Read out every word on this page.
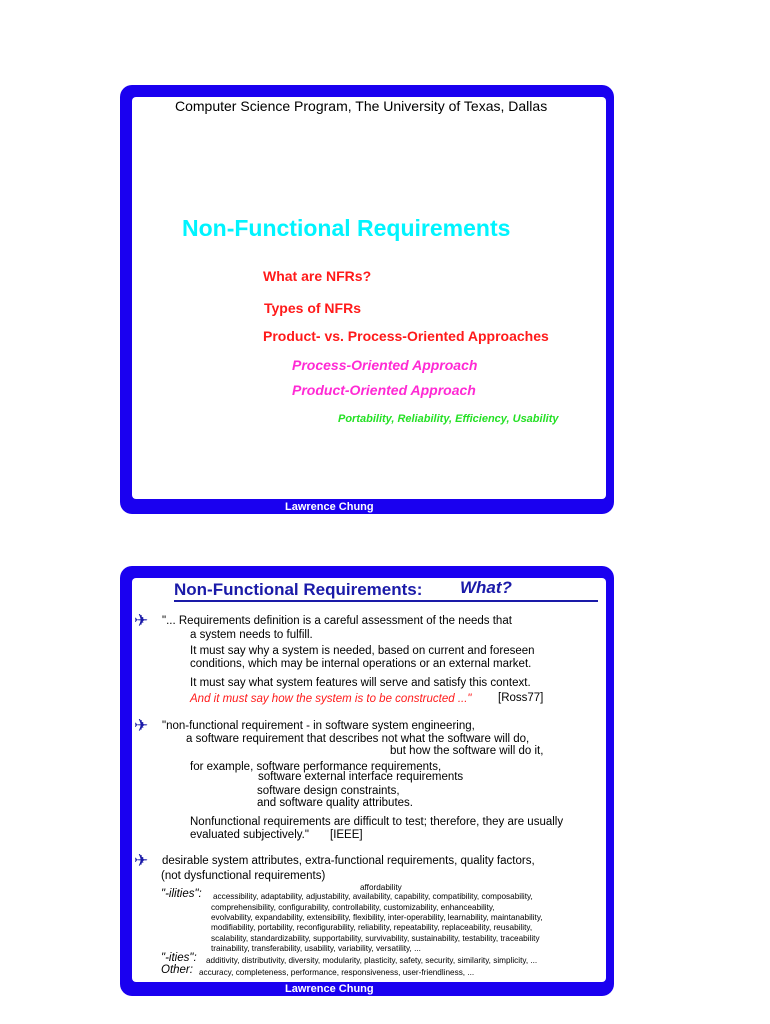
Computer Science Program, The University of Texas, Dallas
Non-Functional Requirements
What are NFRs?
Types of NFRs
Product- vs. Process-Oriented Approaches
Process-Oriented Approach
Product-Oriented Approach
Portability, Reliability, Efficiency, Usability
Lawrence Chung
Non-Functional Requirements: What?
✈ "... Requirements definition is a careful assessment of the needs that
a system needs to fulfill.
It must say why a system is needed, based on current and foreseen
conditions, which may be internal operations or an external market.
It must say what system features will serve and satisfy this context.
And it must say how the system is to be constructed ..." [Ross77]
✈ "non-functional requirement - in software system engineering,
a software requirement that describes not what the software will do,
but how the software will do it,
for example, software performance requirements,
software external interface requirements
software design constraints,
and software quality attributes.
Nonfunctional requirements are difficult to test; therefore, they are usually
evaluated subjectively." [IEEE]
✈ desirable system attributes, extra-functional requirements, quality factors,
(not dysfunctional requirements)
affordability
"-ilities": accessibility, adaptability, adjustability, availability, capability, compatibility, composability,
comprehensibility, configurability, controllability, customizability, enhanceability,
evolvability, expandability, extensibility, flexibility, inter-operability, learnability, maintanability,
modifiability, portability, reconfigurability, reliability, repeatability, replaceability, reusability,
scalability, standardizability, supportability, survivability, sustainability, testability, traceability
trainability, transferability, usability, variability, versatility, ...
"-ities": additivity, distributivity, diversity, modularity, plasticity, safety, security, similarity, simplicity, ...
Other: accuracy, completeness, performance, responsiveness, user-friendliness, ...
Lawrence Chung
